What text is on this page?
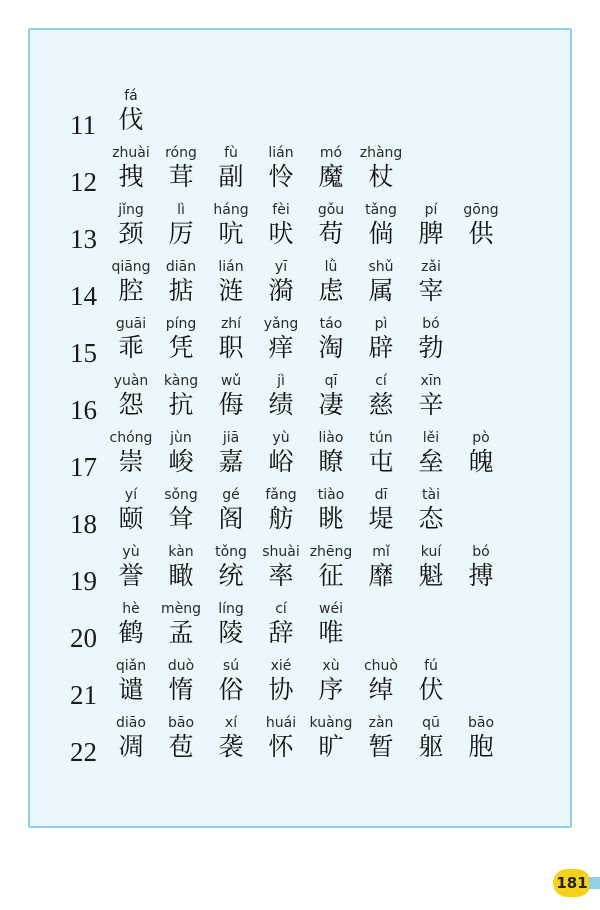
11
fá
伐
12
zhuài
拽
róng
茸
fù
副
lián
怜
mó
魔
zhàng
杖
13
jǐng
颈
lì
厉
háng
吭
fèi
吠
gǒu
苟
tǎng
倘
pí
脾
gōng
供
14
qiāng
腔
diān
掂
lián
涟
yī
漪
lǜ
虑
shǔ
属
zǎi
宰
15
guāi
乖
píng
凭
zhí
职
yǎng
痒
táo
淘
pì
辟
bó
勃
16
yuàn
怨
kàng
抗
wǔ
侮
jì
绩
qī
凄
cí
慈
xīn
辛
17
chóng
崇
jùn
峻
jiā
嘉
yù
峪
liào
瞭
tún
屯
lěi
垒
pò
魄
18
yí
颐
sǒng
耸
gé
阁
fǎng
舫
tiào
眺
dī
堤
tài
态
19
yù
誉
kàn
瞰
tǒng
统
shuài
率
zhēng
征
mǐ
靡
kuí
魁
bó
搏
20
hè
鹤
mèng
孟
líng
陵
cí
辞
wéi
唯
21
qiǎn
谴
duò
惰
sú
俗
xié
协
xù
序
chuò
绰
fú
伏
22
diāo
凋
bāo
苞
xí
袭
huái
怀
kuàng
旷
zàn
暂
qū
躯
bāo
胞
181
